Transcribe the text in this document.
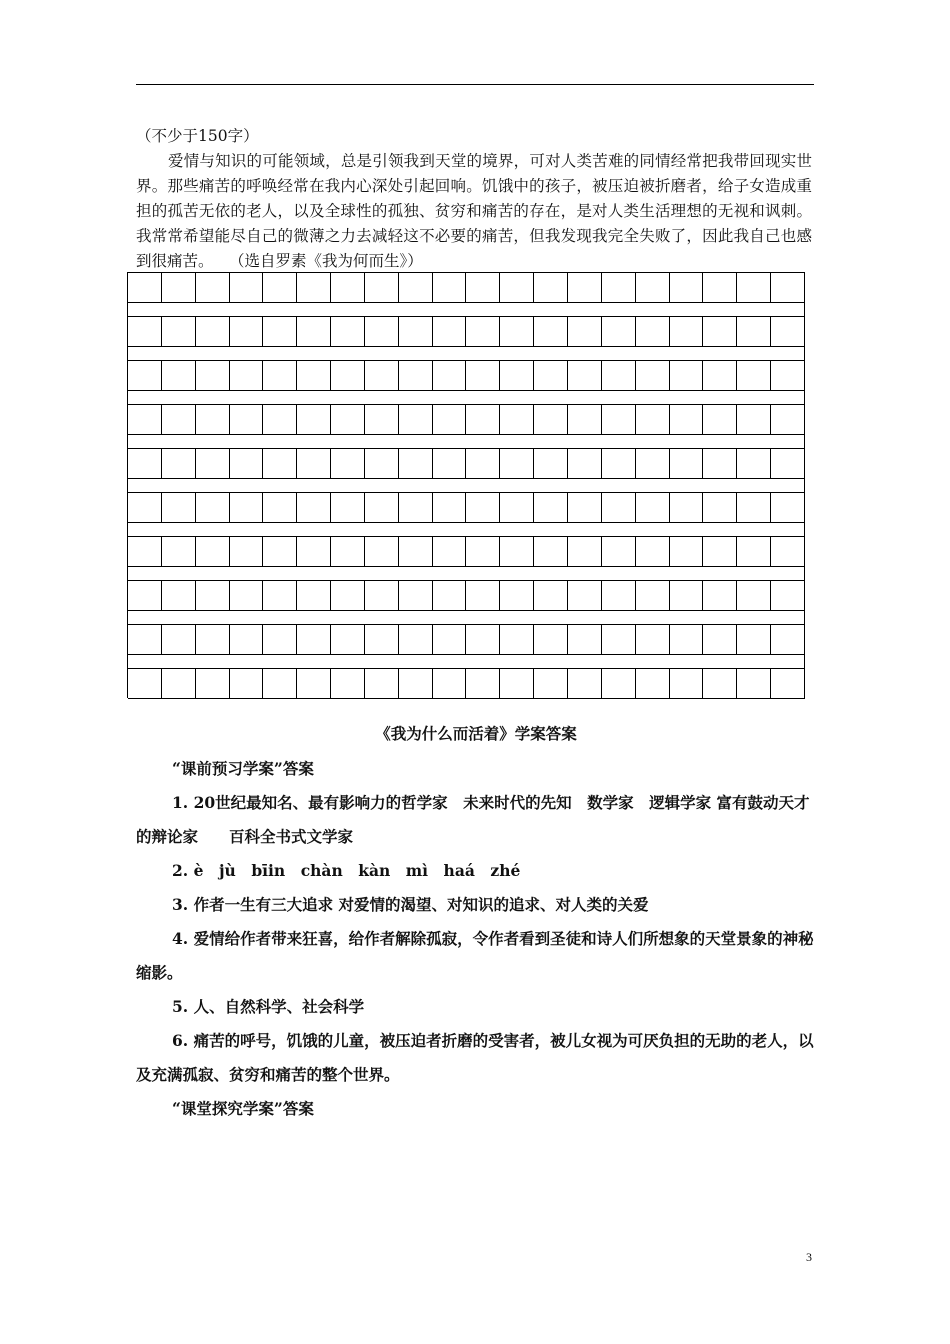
（不少于150字）

爱情与知识的可能领域，总是引领我到天堂的境界，可对人类苦难的同情经常把我带回现实世界。那些痛苦的呼唤经常在我内心深处引起回响。饥饿中的孩子，被压迫被折磨者，给子女造成重担的孤苦无依的老人，以及全球性的孤独、贫穷和痛苦的存在，是对人类生活理想的无视和讽刺。我常常希望能尽自己的微薄之力去减轻这不必要的痛苦，但我发现我完全失败了，因此我自己也感到很痛苦。　　（选自罗素《我为何而生》）

《我为什么而活着》学案答案

“课前预习学案”答案

1. 20世纪最知名、最有影响力的哲学家　未来时代的先知　数学家　逻辑学家 富有鼓动天才的辩论家　　百科全书式文学家

2. è　jù　bīin　chàn　kàn　mì　haá　zhé

3. 作者一生有三大追求 对爱情的渴望、对知识的追求、对人类的关爱

4. 爱情给作者带来狂喜，给作者解除孤寂，令作者看到圣徒和诗人们所想象的天堂景象的神秘缩影。

5. 人、自然科学、社会科学

6. 痛苦的呼号，饥饿的儿童，被压迫者折磨的受害者，被儿女视为可厌负担的无助的老人，以及充满孤寂、贫穷和痛苦的整个世界。

“课堂探究学案”答案

3
